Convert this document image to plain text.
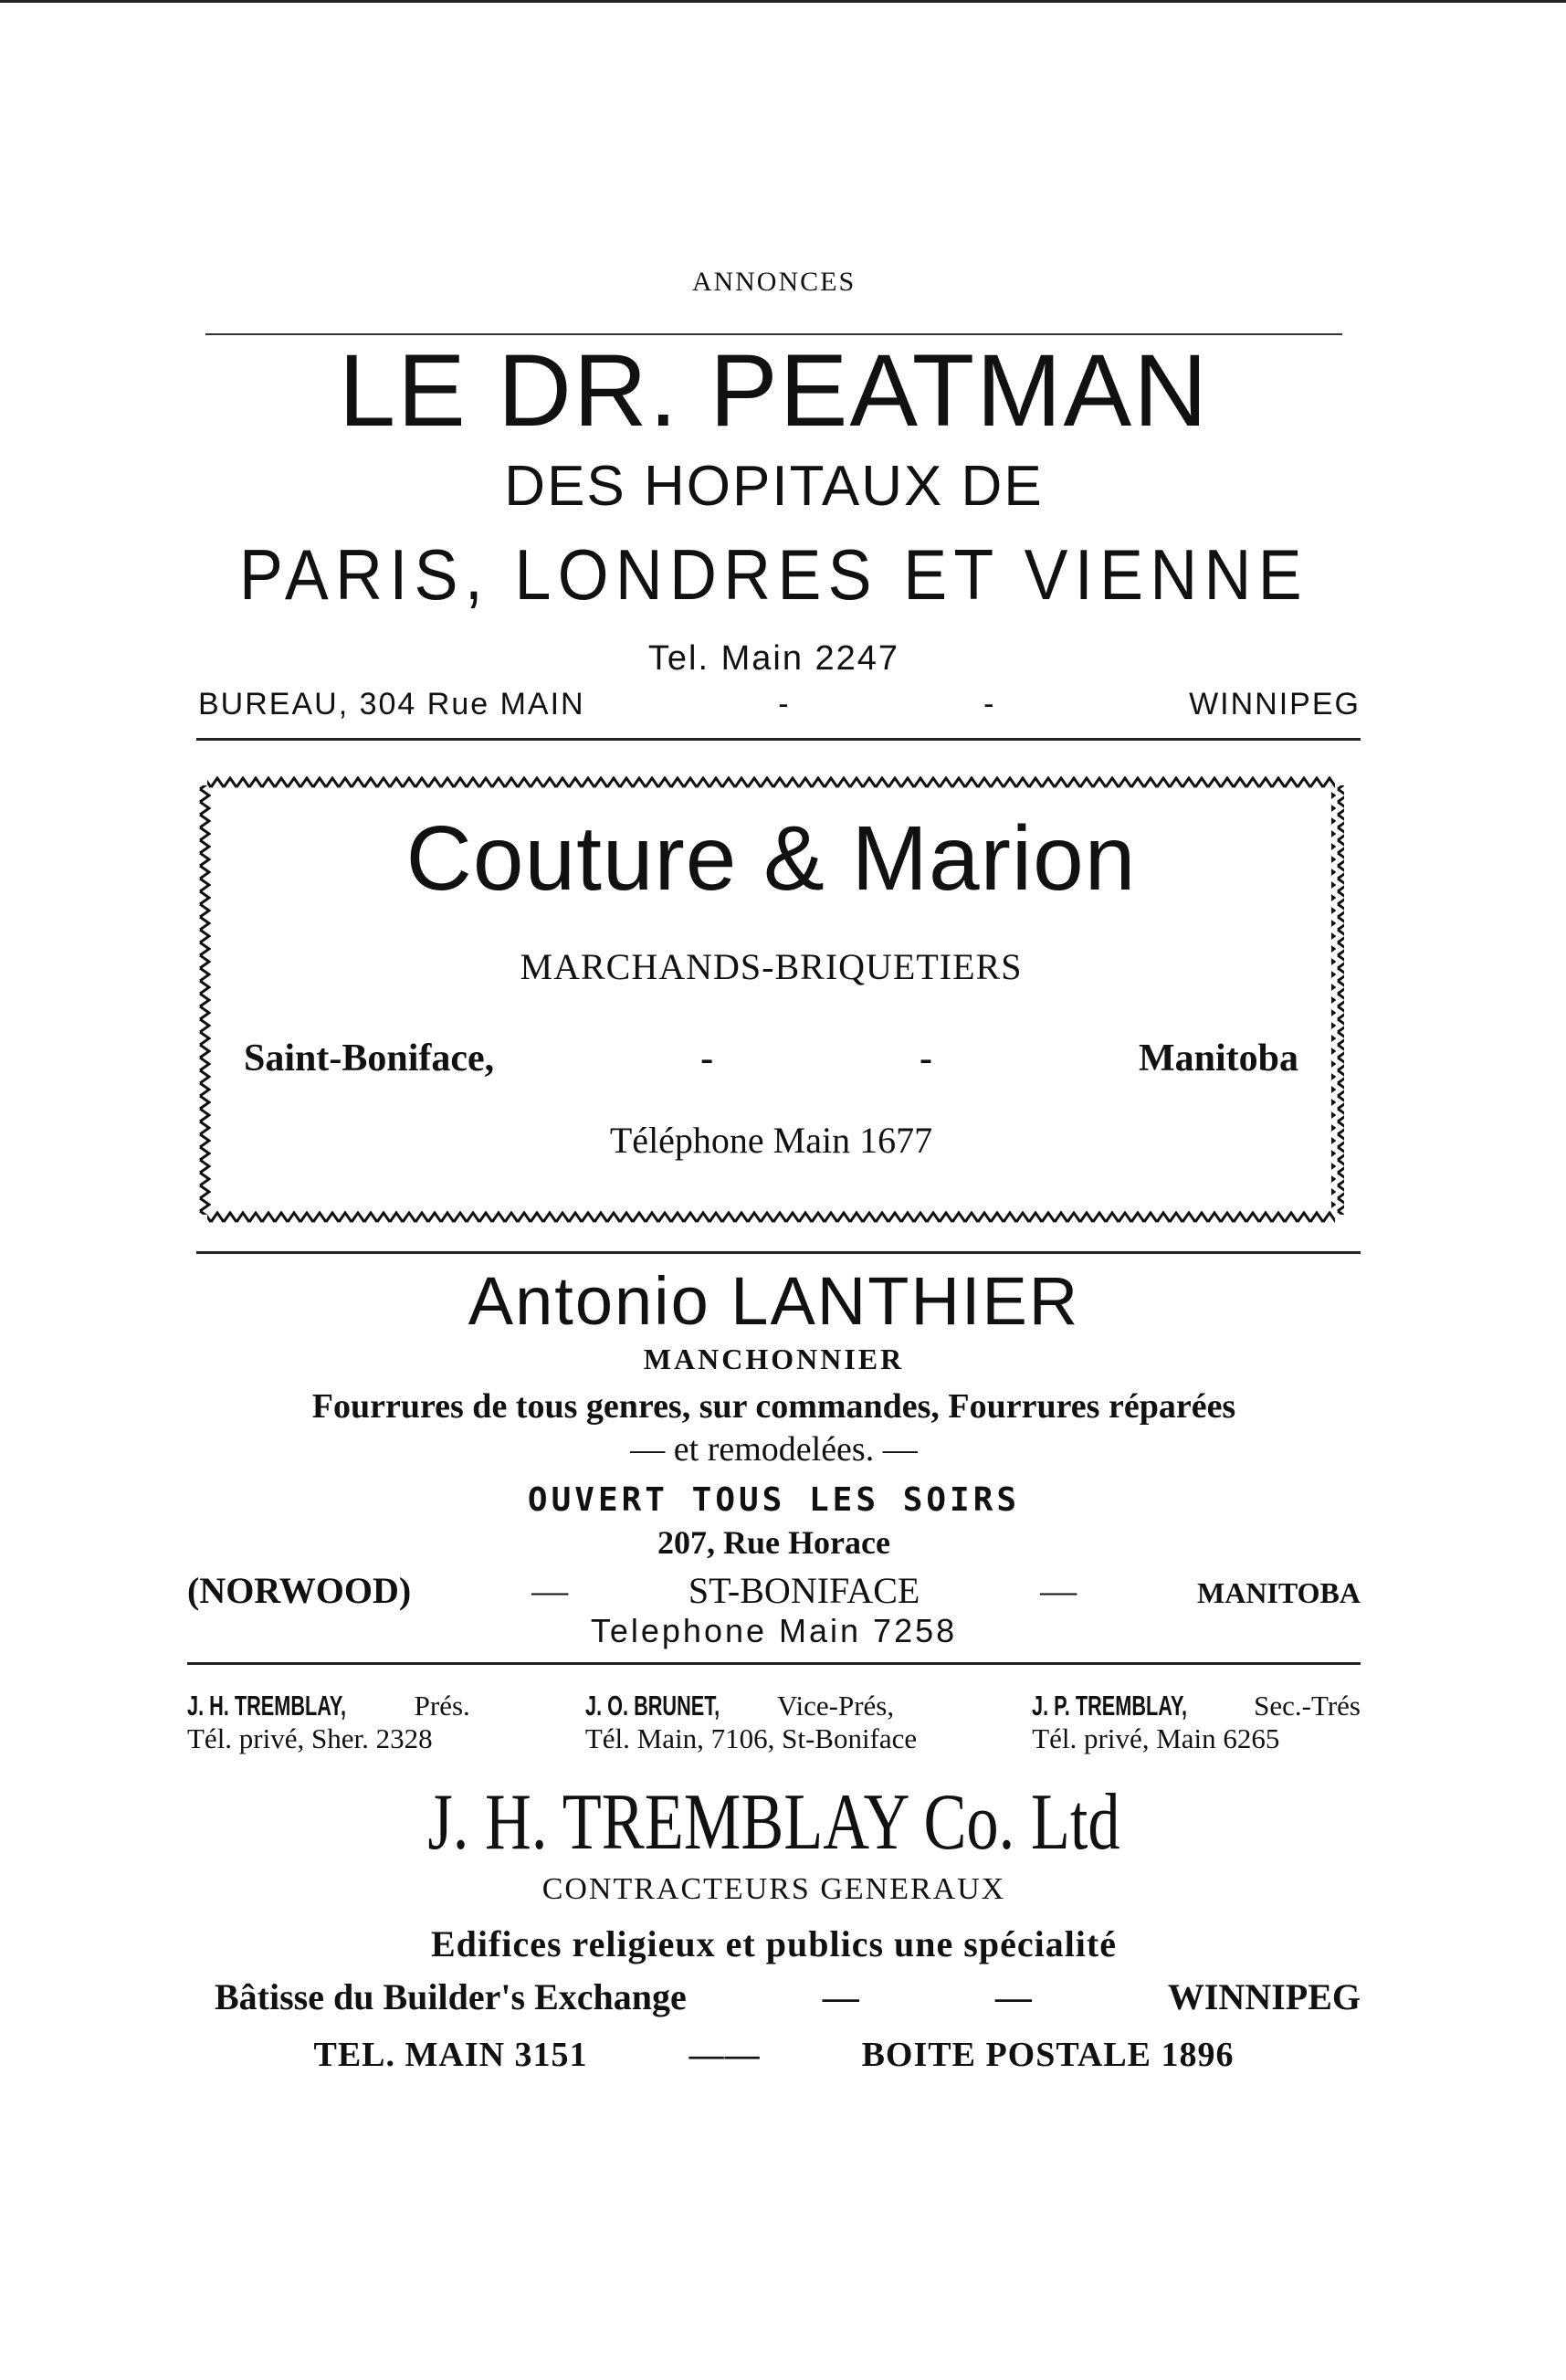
ANNONCES
LE DR. PEATMAN
DES HOPITAUX DE
PARIS, LONDRES ET VIENNE
Tel. Main 2247
BUREAU, 304 Rue MAIN	-	-	WINNIPEG
Couture & Marion
MARCHANDS-BRIQUETIERS
Saint-Boniface,	-	-	Manitoba
Téléphone Main 1677
Antonio LANTHIER
MANCHONNIER
Fourrures de tous genres, sur commandes, Fourrures réparées
— et remodelées. —
OUVERT TOUS LES SOIRS
207, Rue Horace
(NORWOOD)	—	ST-BONIFACE	—	MANITOBA
Telephone Main 7258
J. H. TREMBLAY, Prés.
Tél. privé, Sher. 2328
J. O. BRUNET, Vice-Prés,
Tél. Main, 7106, St-Boniface
J. P. TREMBLAY, Sec.-Trés
Tél. privé, Main 6265
J. H. TREMBLAY Co. Ltd
CONTRACTEURS GENERAUX
Edifices religieux et publics une spécialité
Bâtisse du Builder's Exchange	—	—	WINNIPEG
TEL. MAIN 3151	——	BOITE POSTALE 1896
